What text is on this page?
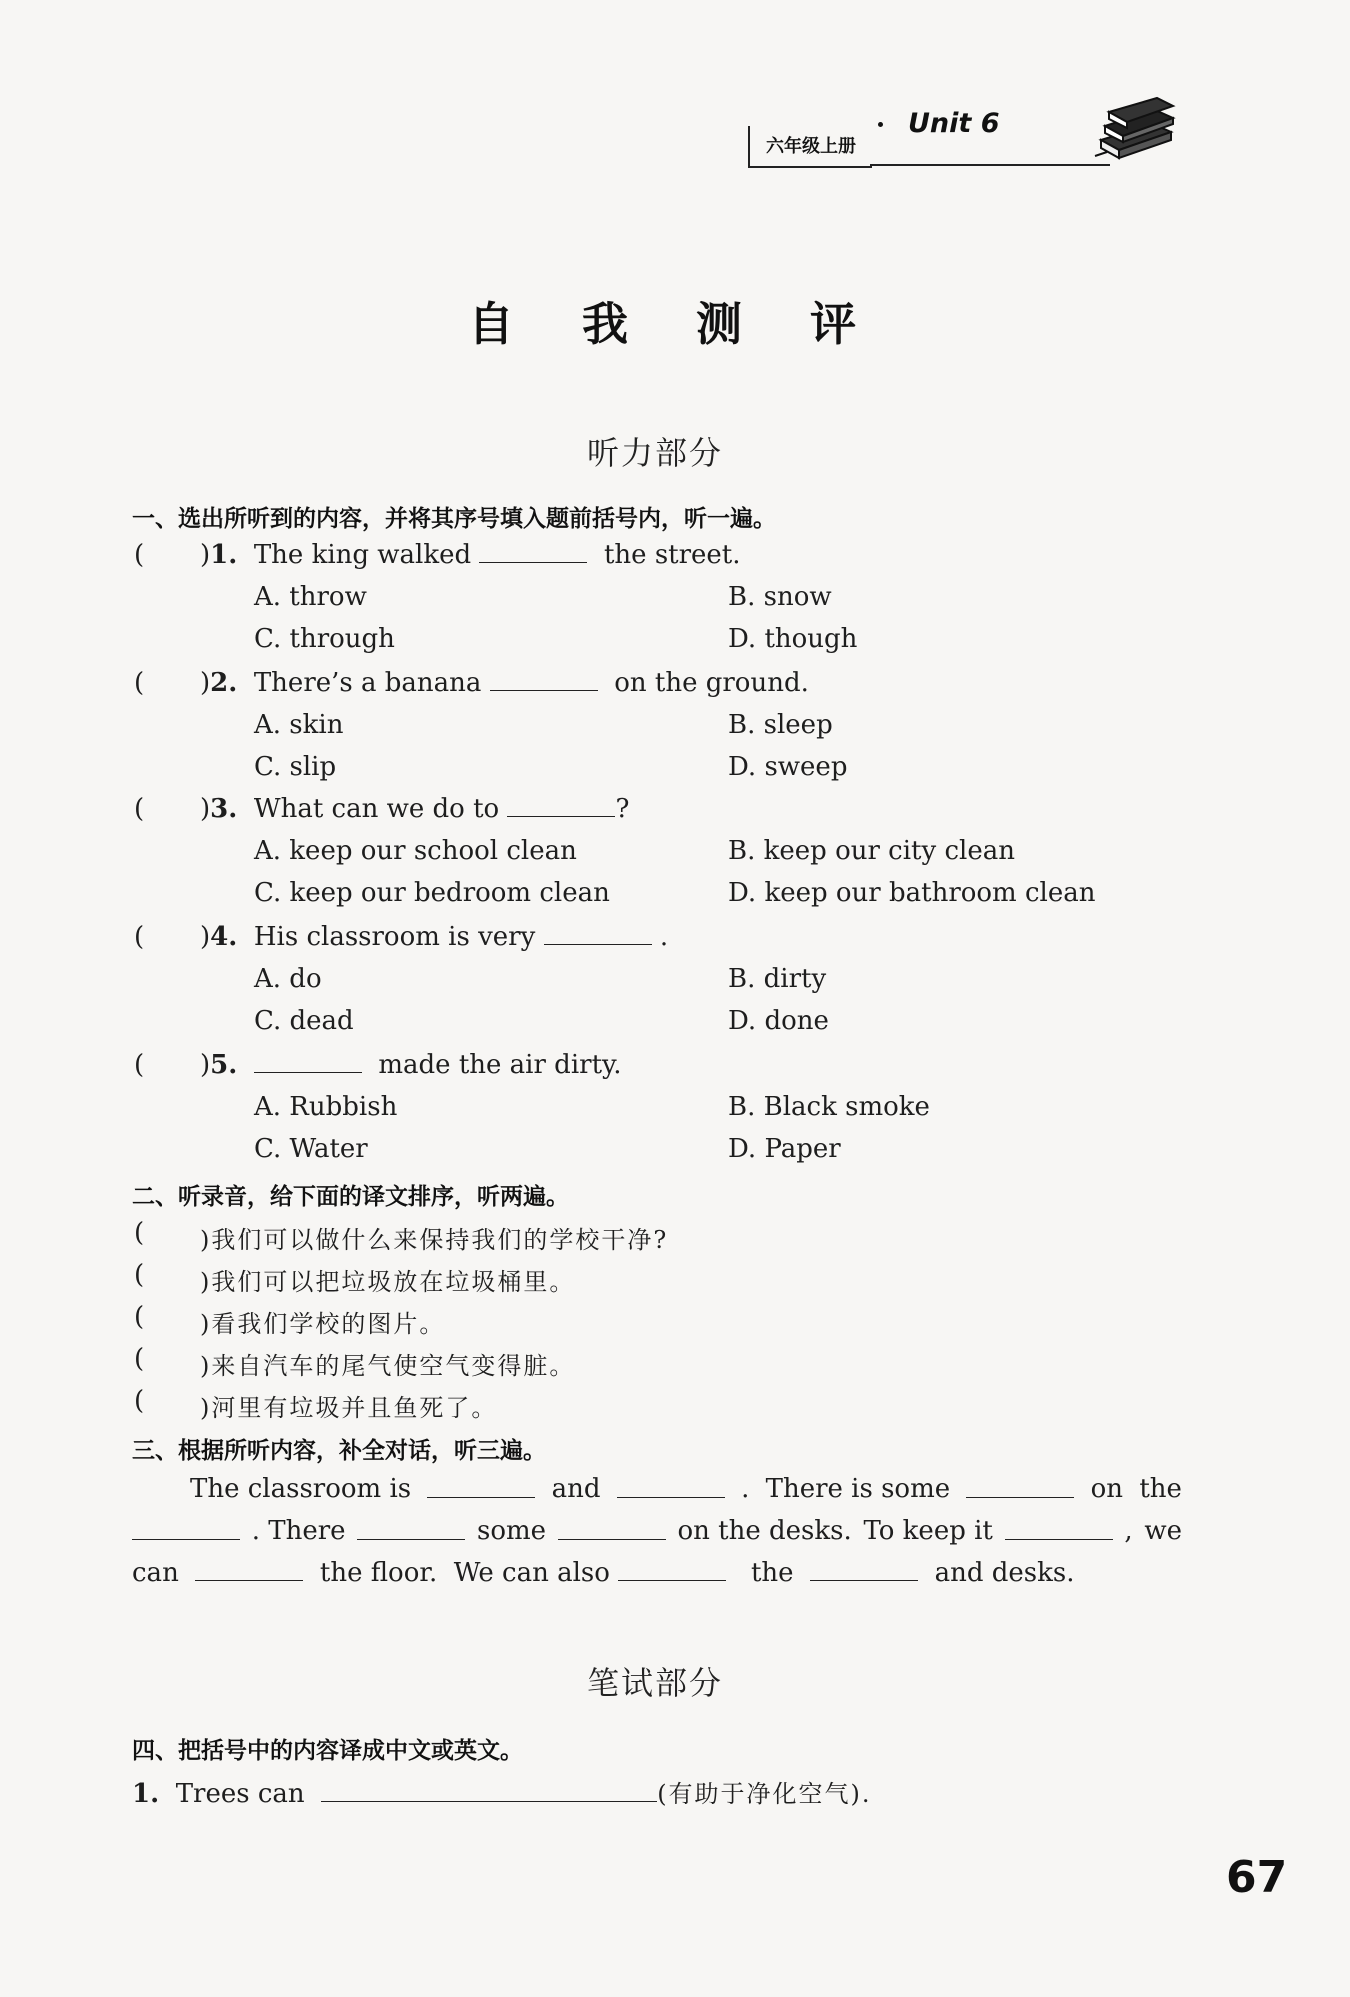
六年级上册
Unit 6
自 我 测 评
听力部分
一、选出所听到的内容，并将其序号填入题前括号内，听一遍。
( )1. The king walked	the street.
A. throw	B. snow
C. through	D. though
( )2. There’s a banana	on the ground.
A. skin	B. sleep
C. slip	D. sweep
( )3. What can we do to	?
A. keep our school clean	B. keep our city clean
C. keep our bedroom clean	D. keep our bathroom clean
( )4. His classroom is very	.
A. do	B. dirty
C. dead	D. done
( )5.	made the air dirty.
A. Rubbish	B. Black smoke
C. Water	D. Paper
二、听录音，给下面的译文排序，听两遍。
( )我们可以做什么来保持我们的学校干净?
( )我们可以把垃圾放在垃圾桶里。
( )看我们学校的图片。
( )来自汽车的尾气使空气变得脏。
( )河里有垃圾并且鱼死了。
三、根据所听内容，补全对话，听三遍。
The classroom is	and	. There is some	on the
. There	some	on the desks. To keep it	, we
can	the floor. We can also	the	and desks.
笔试部分
四、把括号中的内容译成中文或英文。
1. Trees can	(有助于净化空气).
67
